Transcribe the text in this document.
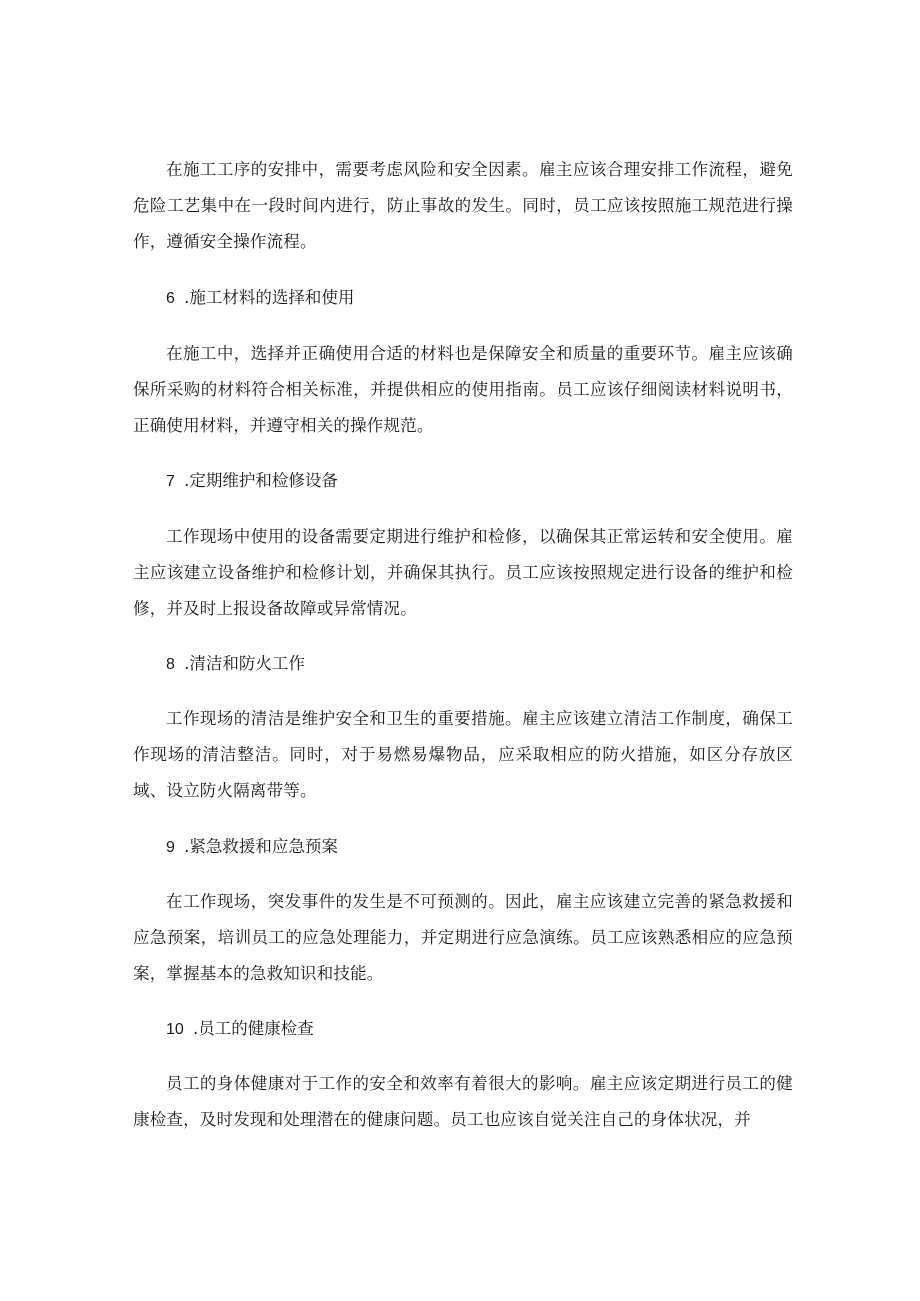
在施工工序的安排中，需要考虑风险和安全因素。雇主应该合理安排工作流程，避免危险工艺集中在一段时间内进行，防止事故的发生。同时，员工应该按照施工规范进行操作，遵循安全操作流程。

6 .施工材料的选择和使用

在施工中，选择并正确使用合适的材料也是保障安全和质量的重要环节。雇主应该确保所采购的材料符合相关标准，并提供相应的使用指南。员工应该仔细阅读材料说明书，正确使用材料，并遵守相关的操作规范。

7 .定期维护和检修设备

工作现场中使用的设备需要定期进行维护和检修，以确保其正常运转和安全使用。雇主应该建立设备维护和检修计划，并确保其执行。员工应该按照规定进行设备的维护和检修，并及时上报设备故障或异常情况。

8 .清洁和防火工作

工作现场的清洁是维护安全和卫生的重要措施。雇主应该建立清洁工作制度，确保工作现场的清洁整洁。同时，对于易燃易爆物品，应采取相应的防火措施，如区分存放区域、设立防火隔离带等。

9 .紧急救援和应急预案

在工作现场，突发事件的发生是不可预测的。因此，雇主应该建立完善的紧急救援和应急预案，培训员工的应急处理能力，并定期进行应急演练。员工应该熟悉相应的应急预案，掌握基本的急救知识和技能。

10 .员工的健康检查

员工的身体健康对于工作的安全和效率有着很大的影响。雇主应该定期进行员工的健康检查，及时发现和处理潜在的健康问题。员工也应该自觉关注自己的身体状况，并
